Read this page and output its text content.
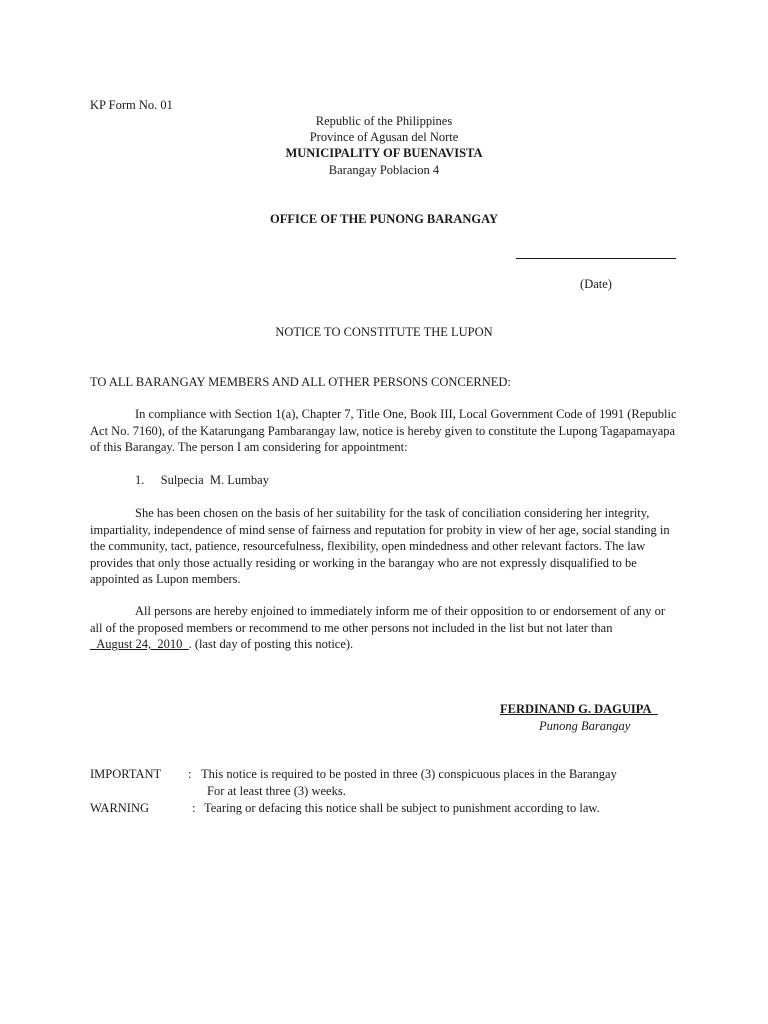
KP Form No. 01
Republic of the Philippines
Province of Agusan del Norte
MUNICIPALITY OF BUENAVISTA
Barangay Poblacion 4
OFFICE OF THE PUNONG BARANGAY
(Date)
NOTICE TO CONSTITUTE THE LUPON
TO ALL BARANGAY MEMBERS AND ALL OTHER PERSONS CONCERNED:
In compliance with Section 1(a), Chapter 7, Title One, Book III, Local Government Code of 1991 (Republic Act No. 7160), of the Katarungang Pambarangay law, notice is hereby given to constitute the Lupong Tagapamayapa of this Barangay. The person I am considering for appointment:
1. Sulpecia  M. Lumbay
She has been chosen on the basis of her suitability for the task of conciliation considering her integrity, impartiality, independence of mind sense of fairness and reputation for probity in view of her age, social standing in the community, tact, patience, resourcefulness, flexibility, open mindedness and other relevant factors. The law provides that only those actually residing or working in the barangay who are not expressly disqualified to be appointed as Lupon members.
All persons are hereby enjoined to immediately inform me of their opposition to or endorsement of any or all of the proposed members or recommend to me other persons not included in the list but not later than _August 24,  2010_. (last day of posting this notice).
FERDINAND G. DAGUIPA_
Punong Barangay
IMPORTANT : This notice is required to be posted in three (3) conspicuous places in the Barangay
For at least three (3) weeks.
WARNING	: Tearing or defacing this notice shall be subject to punishment according to law.
